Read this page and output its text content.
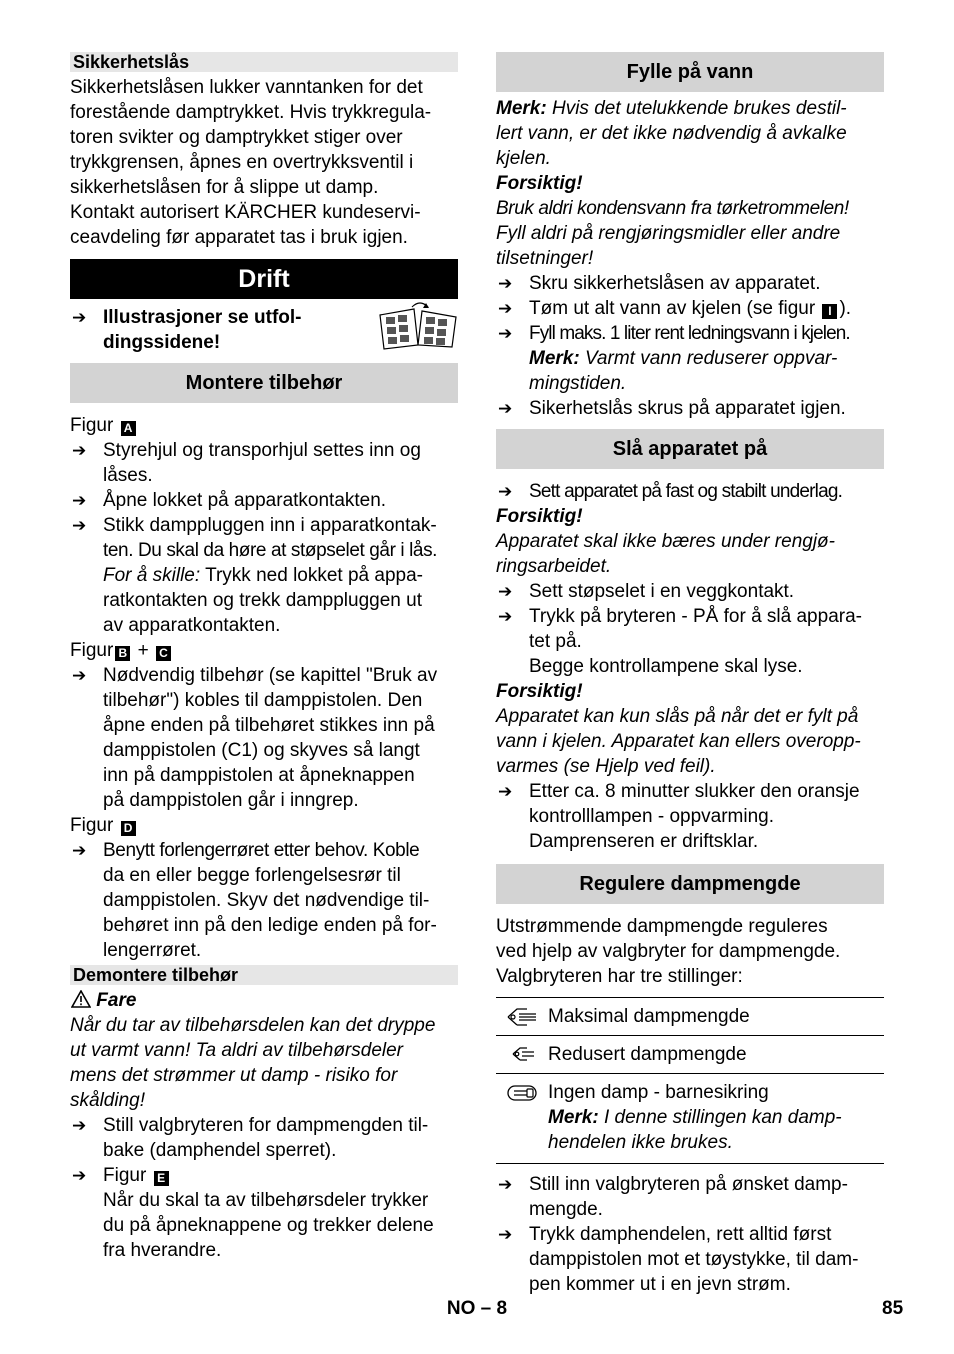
Sikkerhetslås
Sikkerhetslåsen lukker vanntanken for det
forestående damptrykket. Hvis trykkregula-
toren svikter og damptrykket stiger over
trykkgrensen, åpnes en overtrykksventil i
sikkerhetslåsen for å slippe ut damp.
Kontakt autorisert KÄRCHER kundeservi-
ceavdeling før apparatet tas i bruk igjen.
Drift
➔ Illustrasjoner se utfol-
dingssidene!
Montere tilbehør
Figur A
➔ Styrehjul og transporhjul settes inn og
låses.
➔ Åpne lokket på apparatkontakten.
➔ Stikk damppluggen inn i apparatkontak-
ten. Du skal da høre at støpselet går i lås.
For å skille: Trykk ned lokket på appa-
ratkontakten og trekk damppluggen ut
av apparatkontakten.
Figur B + C
➔ Nødvendig tilbehør (se kapittel "Bruk av
tilbehør") kobles til damppistolen. Den
åpne enden på tilbehøret stikkes inn på
damppistolen (C1) og skyves så langt
inn på damppistolen at åpneknappen
på damppistolen går i inngrep.
Figur D
➔ Benytt forlengerrøret etter behov. Koble
da en eller begge forlengelsesrør til
damppistolen. Skyv det nødvendige til-
behøret inn på den ledige enden på for-
lengerrøret.
Demontere tilbehør
Fare
Når du tar av tilbehørsdelen kan det dryppe
ut varmt vann! Ta aldri av tilbehørsdeler
mens det strømmer ut damp - risiko for
skålding!
➔ Still valgbryteren for dampmengden til-
bake (damphendel sperret).
➔ Figur E
Når du skal ta av tilbehørsdeler trykker
du på åpneknappene og trekker delene
fra hverandre.
Fylle på vann
Merk: Hvis det utelukkende brukes destil-
lert vann, er det ikke nødvendig å avkalke
kjelen.
Forsiktig!
Bruk aldri kondensvann fra tørketrommelen!
Fyll aldri på rengjøringsmidler eller andre
tilsetninger!
➔ Skru sikkerhetslåsen av apparatet.
➔ Tøm ut alt vann av kjelen (se figur I ).
➔ Fyll maks. 1 liter rent ledningsvann i kjelen.
Merk: Varmt vann reduserer oppvar-
mingstiden.
➔ Sikerhetslås skrus på apparatet igjen.
Slå apparatet på
➔ Sett apparatet på fast og stabilt underlag.
Forsiktig!
Apparatet skal ikke bæres under rengjø-
ringsarbeidet.
➔ Sett støpselet i en veggkontakt.
➔ Trykk på bryteren - PÅ for å slå appara-
tet på.
Begge kontrollampene skal lyse.
Forsiktig!
Apparatet kan kun slås på når det er fylt på
vann i kjelen. Apparatet kan ellers overopp-
varmes (se Hjelp ved feil).
➔ Etter ca. 8 minutter slukker den oransje
kontrolllampen - oppvarming.
Damprenseren er driftsklar.
Regulere dampmengde
Utstrømmende dampmengde reguleres
ved hjelp av valgbryter for dampmengde.
Valgbryteren har tre stillinger:
Maksimal dampmengde
Redusert dampmengde
Ingen damp - barnesikring
Merk: I denne stillingen kan damp-
hendelen ikke brukes.
➔ Still inn valgbryteren på ønsket damp-
mengde.
➔ Trykk damphendelen, rett alltid først
damppistolen mot et tøystykke, til dam-
pen kommer ut i en jevn strøm.
NO – 8	85
